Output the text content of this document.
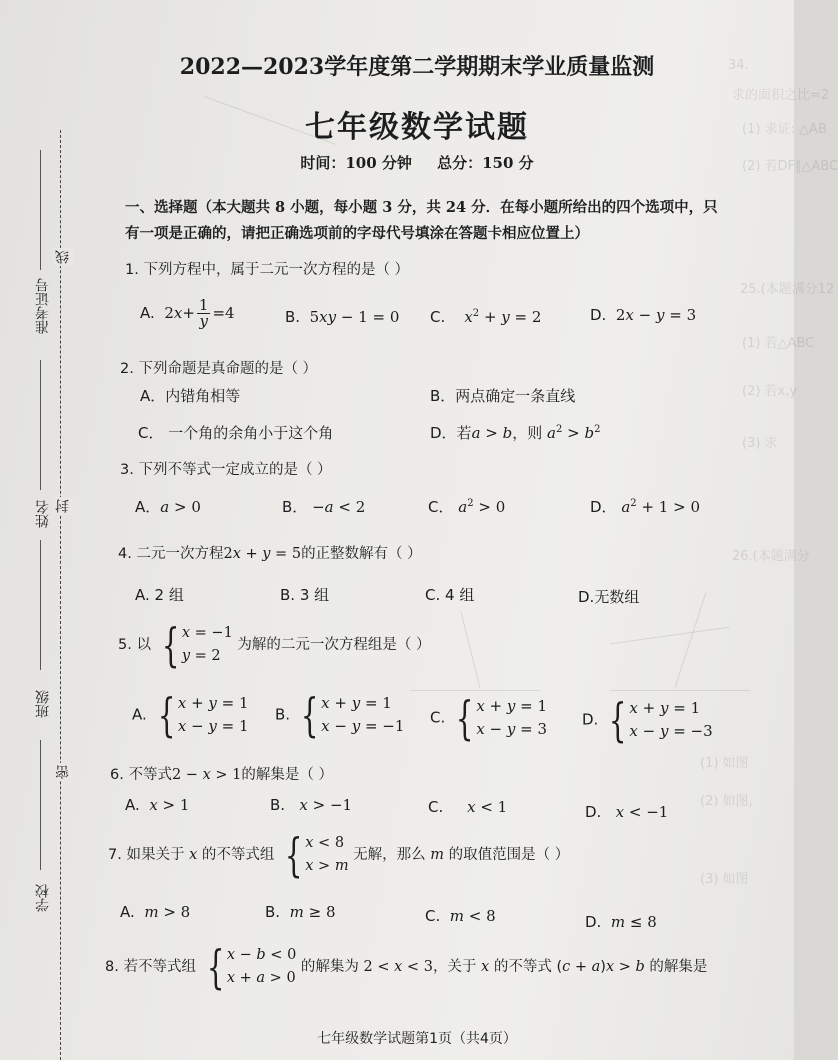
34.
求的面积之比=2
(1) 求证: △AB
(2) 若DF∥△ABC
25.(本题满分12
(1) 若△ABC
(2) 若x,y
(3) 求
26.(本题满分
(1) 如图
(2) 如图,
(3) 如图
准考证号
姓名
班级
学校
线
封
密
2022—2023学年度第二学期期末学业质量监测
七年级数学试题
时间：100 分钟 总分：150 分
一、选择题（本大题共 8 小题，每小题 3 分，共 24 分．在每小题所给出的四个选项中，只
有一项是正确的，请把正确选项前的字母代号填涂在答题卡相应位置上）
1. 下列方程中，属于二元一次方程的是（ ）
A. $2x+ \frac{1}{y} =4$	B. 5xy − 1 = 0 C. $x^2 + y = 2$	D. 2x − y = 3
2. 下列命题是真命题的是（ ）
A．内错角相等	B．两点确定一条直线
C． 一个角的余角小于这个角	D．若a > b，则 $a^2 > b^2$
3. 下列不等式一定成立的是（ ）
A．a > 0	B． −a < 2	C． $a^2 > 0$	D． $a^2 + 1 > 0$
4. 二元一次方程2x + y = 5的正整数解有（ ）
A. 2 组	B. 3 组	C. 4 组	D.无数组
5. 以 { x = −1
y = 2
为解的二元一次方程组是（ ）
A. { x + y = 1
x − y = 1
B. { x + y = 1
x − y = −1 C. { x + y = 1
x − y = 3
D. { x + y = 1
x − y = −3
6. 不等式2 − x > 1的解集是（ ）
A. x > 1	B. x > −1	C. x < 1	D. x < −1
7. 如果关于 x 的不等式组 { x < 8
x > m
无解，那么 m 的取值范围是（ ）
A. m > 8	B. m ≥ 8	C. m < 8	D. m ≤ 8
8. 若不等式组 { x − b < 0
x + a > 0
的解集为 2 < x < 3，关于 x 的不等式 (c + a)x > b 的解集是
七年级数学试题第1页（共4页）
